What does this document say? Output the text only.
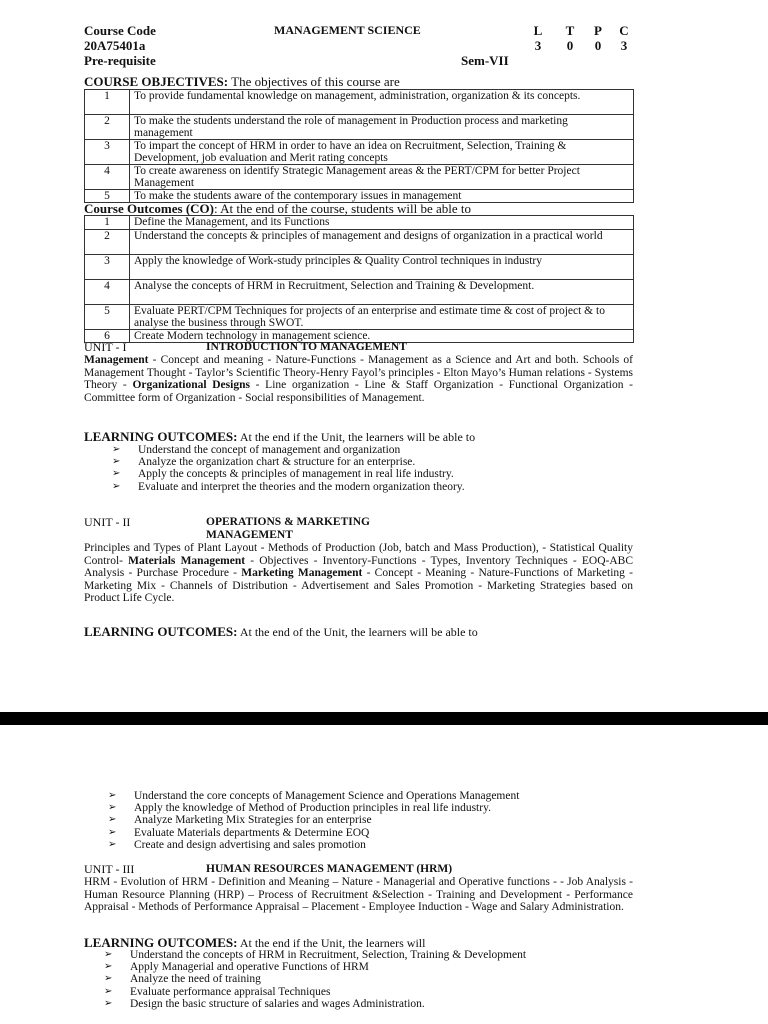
Course Code
20A75401a
Pre-requisite
MANAGEMENT SCIENCE	L T P C
3 0 0 3
Sem-VII
COURSE OBJECTIVES: The objectives of this course are
1	To provide fundamental knowledge on management, administration, organization & its concepts.
2	To make the students understand the role of management in Production process and marketing management
3	To impart the concept of HRM in order to have an idea on Recruitment, Selection, Training & Development, job evaluation and Merit rating concepts
4	To create awareness on identify Strategic Management areas & the PERT/CPM for better Project Management
5	To make the students aware of the contemporary issues in management
Course Outcomes (CO): At the end of the course, students will be able to
1	Define the Management, and its Functions
2	Understand the concepts & principles of management and designs of organization in a practical world
3	Apply the knowledge of Work-study principles & Quality Control techniques in industry
4	Analyse the concepts of HRM in Recruitment, Selection and Training & Development.
5	Evaluate PERT/CPM Techniques for projects of an enterprise and estimate time & cost of project & to analyse the business through SWOT.
6	Create Modern technology in management science.
UNIT - I	INTRODUCTION TO MANAGEMENT
Management - Concept and meaning - Nature-Functions - Management as a Science and Art and both. Schools of Management Thought - Taylor’s Scientific Theory-Henry Fayol’s principles - Elton Mayo’s Human relations - Systems Theory - Organizational Designs - Line organization - Line & Staff Organization - Functional Organization - Committee form of Organization - Social responsibilities of Management.
LEARNING OUTCOMES: At the end if the Unit, the learners will be able to
➢ Understand the concept of management and organization
➢ Analyze the organization chart & structure for an enterprise.
➢ Apply the concepts & principles of management in real life industry.
➢ Evaluate and interpret the theories and the modern organization theory.
UNIT - II	OPERATIONS & MARKETING
MANAGEMENT
Principles and Types of Plant Layout - Methods of Production (Job, batch and Mass Production), - Statistical Quality Control- Materials Management - Objectives - Inventory-Functions - Types, Inventory Techniques - EOQ-ABC Analysis - Purchase Procedure - Marketing Management - Concept - Meaning - Nature-Functions of Marketing - Marketing Mix - Channels of Distribution - Advertisement and Sales Promotion - Marketing Strategies based on Product Life Cycle.
LEARNING OUTCOMES: At the end of the Unit, the learners will be able to
➢ Understand the core concepts of Management Science and Operations Management
➢ Apply the knowledge of Method of Production principles in real life industry.
➢ Analyze Marketing Mix Strategies for an enterprise
➢ Evaluate Materials departments & Determine EOQ
➢ Create and design advertising and sales promotion
UNIT - III	HUMAN RESOURCES MANAGEMENT (HRM)
HRM - Evolution of HRM - Definition and Meaning – Nature - Managerial and Operative functions - - Job Analysis - Human Resource Planning (HRP) – Process of Recruitment &Selection - Training and Development - Performance Appraisal - Methods of Performance Appraisal – Placement - Employee Induction - Wage and Salary Administration.
LEARNING OUTCOMES: At the end if the Unit, the learners will
➢ Understand the concepts of HRM in Recruitment, Selection, Training & Development
➢ Apply Managerial and operative Functions of HRM
➢ Analyze the need of training
➢ Evaluate performance appraisal Techniques
➢ Design the basic structure of salaries and wages Administration.
